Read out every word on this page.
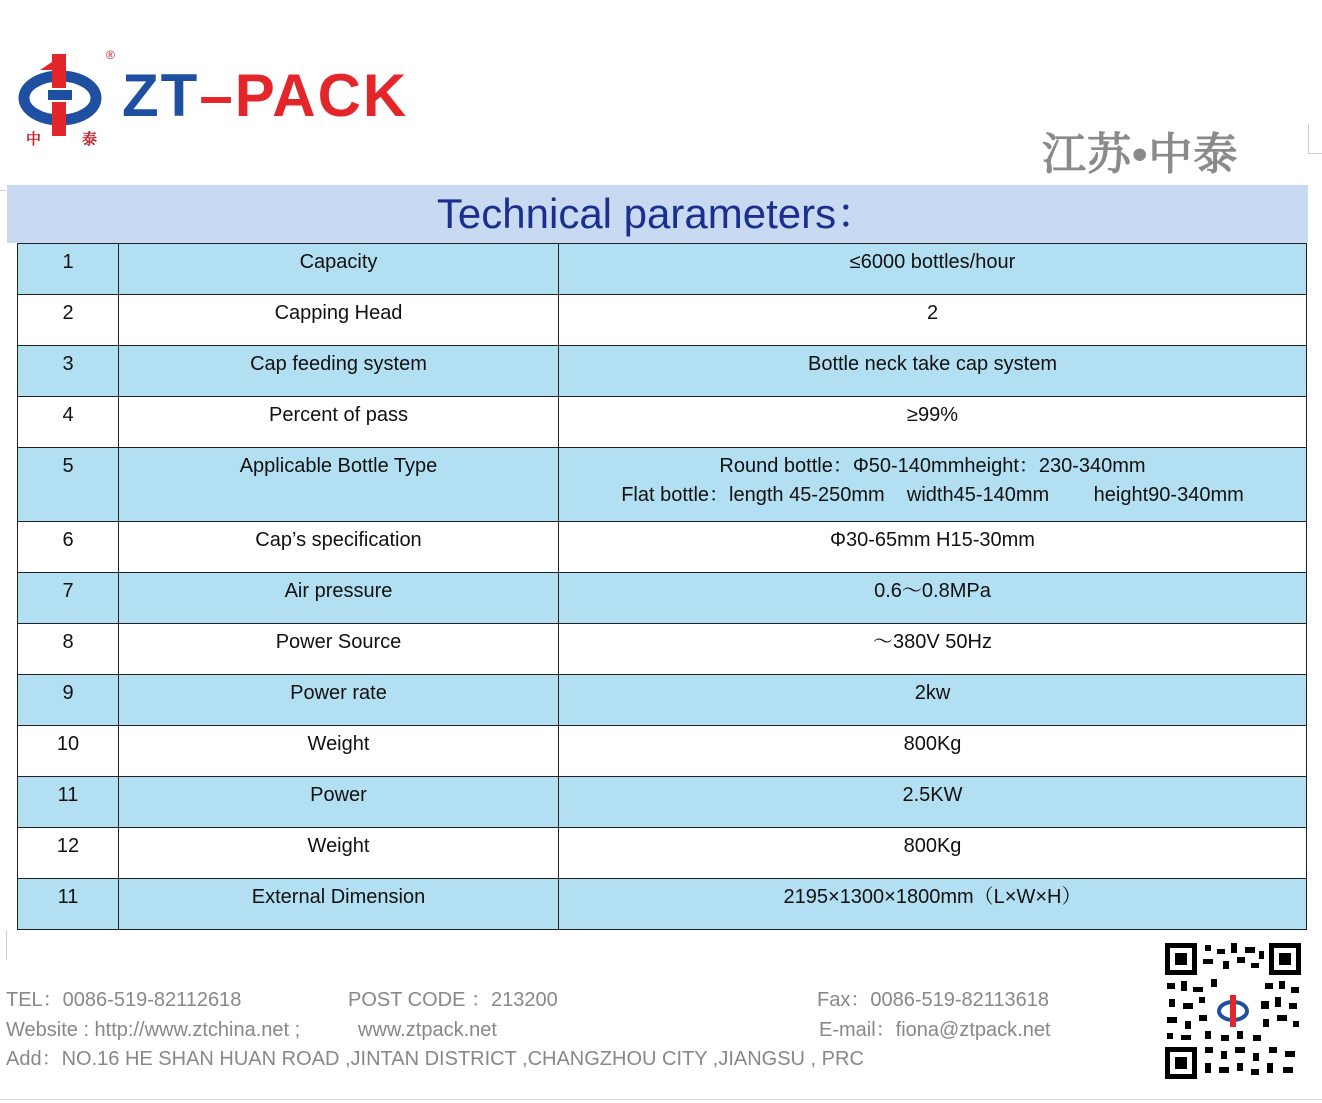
®
中	泰
ZT–PACK
江苏•中泰
Technical parameters：
1	Capacity	≤6000 bottles/hour
2	Capping Head	2
3	Cap feeding system	Bottle neck take cap system
4	Percent of pass	≥99%
5	Applicable Bottle Type	Round bottle：Φ50-140mmheight：230-340mm
Flat bottle：length 45-250mm width45-140mm height90-340mm

6	Cap’s specification	Φ30-65mm H15-30mm
7	Air pressure	0.6～0.8MPa
8	Power Source	～380V 50Hz
9	Power rate	2kw
10	Weight	800Kg
11	Power	2.5KW
12	Weight	800Kg
11	External Dimension	2195×1300×1800mm（L×W×H）
TEL：0086-519-82112618	POST CODE ：213200	Fax：0086-519-82113618
Website : http://www.ztchina.net ;	www.ztpack.net	E-mail：fiona@ztpack.net
Add：NO.16 HE SHAN HUAN ROAD ,JINTAN DISTRICT ,CHANGZHOU CITY ,JIANGSU , PRC
